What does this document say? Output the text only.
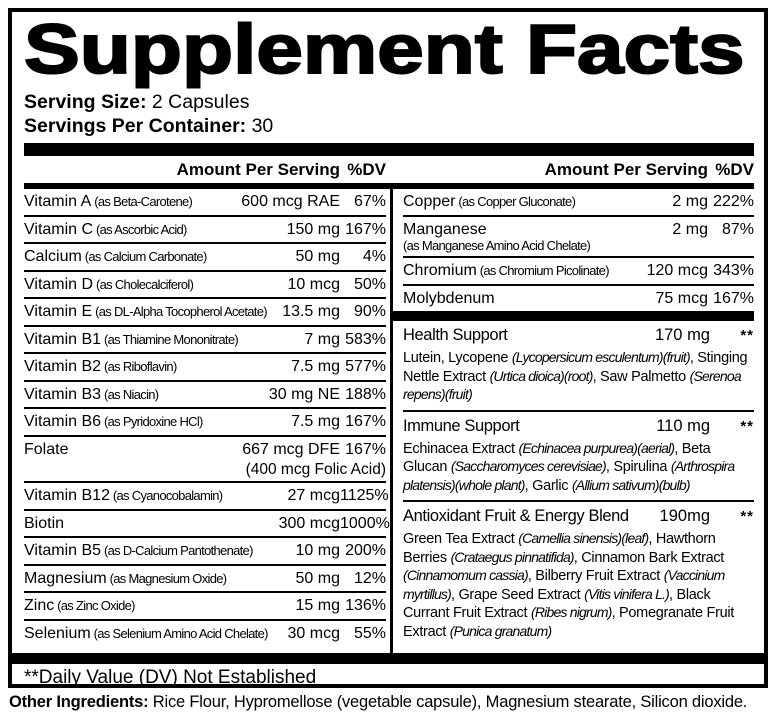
Supplement Facts
Serving Size: 2 Capsules
Servings Per Container: 30
Amount Per Serving %DV	Amount Per Serving %DV
Vitamin A (as Beta-Carotene)	600 mcg RAE 67%
Vitamin C (as Ascorbic Acid)	150 mg 167%
Calcium (as Calcium Carbonate)	50 mg	4%
Vitamin D (as Cholecalciferol)	10 mcg 50%
Vitamin E (as DL-Alpha Tocopherol Acetate) 13.5 mg 90%
Vitamin B1 (as Thiamine Mononitrate)	7 mg 583%
Vitamin B2 (as Riboflavin)	7.5 mg 577%
Vitamin B3 (as Niacin)	30 mg NE 188%
Vitamin B6 (as Pyridoxine HCl)	7.5 mg 167%
Folate	667 mcg DFE 167%
(400 mcg Folic Acid)
Vitamin B12 (as Cyanocobalamin)	27 mcg 1125%
Biotin	300 mcg 1000%
Vitamin B5 (as D-Calcium Pantothenate)	10 mg 200%
Magnesium (as Magnesium Oxide)	50 mg 12%
Zinc (as Zinc Oxide)	15 mg 136%
Selenium (as Selenium Amino Acid Chelate)	30 mcg 55%
Copper (as Copper Gluconate)	2 mg 222%
Manganese	2 mg 87%
(as Manganese Amino Acid Chelate)
Chromium (as Chromium Picolinate)	120 mcg 343%
Molybdenum	75 mcg 167%
Health Support	170 mg	**
Lutein, Lycopene (Lycopersicum esculentum)(fruit), Stinging Nettle Extract (Urtica dioica)(root), Saw Palmetto (Serenoa repens)(fruit)
Immune Support	110 mg	**
Echinacea Extract (Echinacea purpurea)(aerial), Beta Glucan (Saccharomyces cerevisiae), Spirulina (Arthrospira platensis)(whole plant), Garlic (Allium sativum)(bulb)
Antioxidant Fruit & Energy Blend	190mg	**
Green Tea Extract (Camellia sinensis)(leaf), Hawthorn Berries (Crataegus pinnatifida), Cinnamon Bark Extract (Cinnamomum cassia), Bilberry Fruit Extract (Vaccinium myrtillus), Grape Seed Extract (Vitis vinifera L.), Black Currant Fruit Extract (Ribes nigrum), Pomegranate Fruit Extract (Punica granatum)
**Daily Value (DV) Not Established
Other Ingredients: Rice Flour, Hypromellose (vegetable capsule), Magnesium stearate, Silicon dioxide.
